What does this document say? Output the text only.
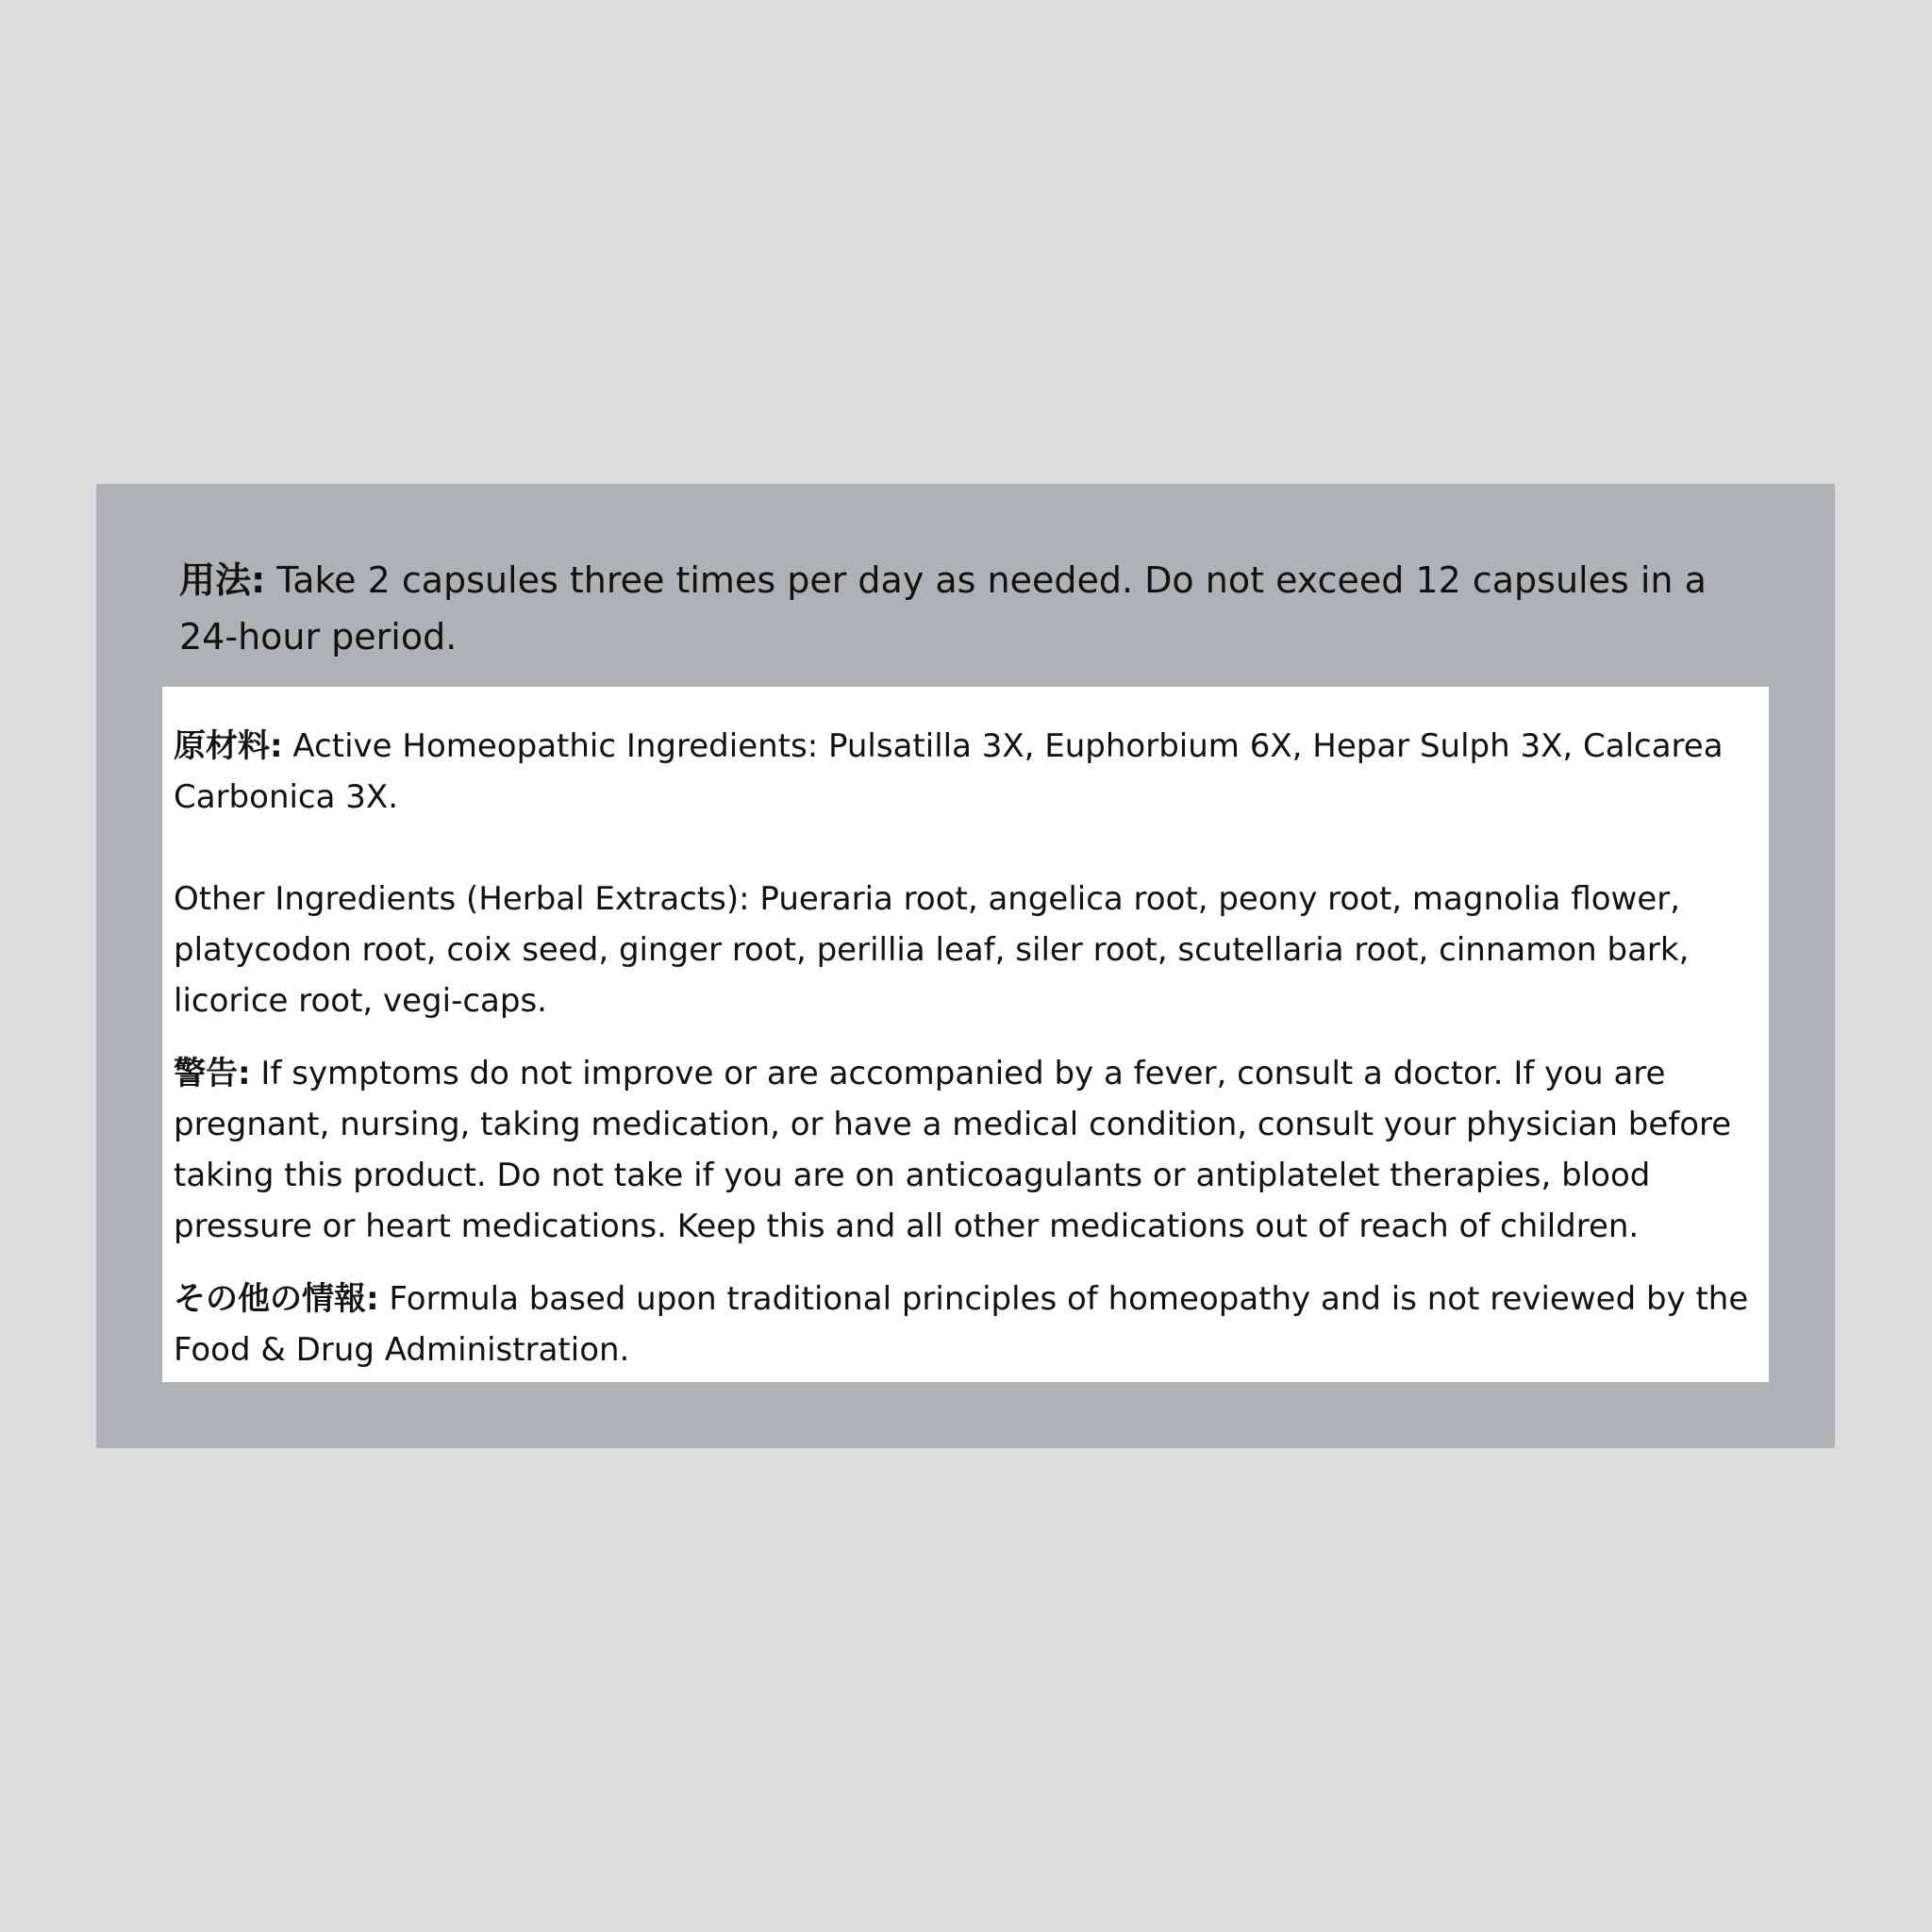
用法: Take 2 capsules three times per day as needed. Do not exceed 12 capsules in a 24-hour period.

原材料: Active Homeopathic Ingredients: Pulsatilla 3X, Euphorbium 6X, Hepar Sulph 3X, Calcarea Carbonica 3X.

Other Ingredients (Herbal Extracts): Pueraria root, angelica root, peony root, magnolia flower, platycodon root, coix seed, ginger root, perillia leaf, siler root, scutellaria root, cinnamon bark, licorice root, vegi-caps.

警告: If symptoms do not improve or are accompanied by a fever, consult a doctor. If you are pregnant, nursing, taking medication, or have a medical condition, consult your physician before taking this product. Do not take if you are on anticoagulants or antiplatelet therapies, blood pressure or heart medications. Keep this and all other medications out of reach of children.

その他の情報: Formula based upon traditional principles of homeopathy and is not reviewed by the Food & Drug Administration.
